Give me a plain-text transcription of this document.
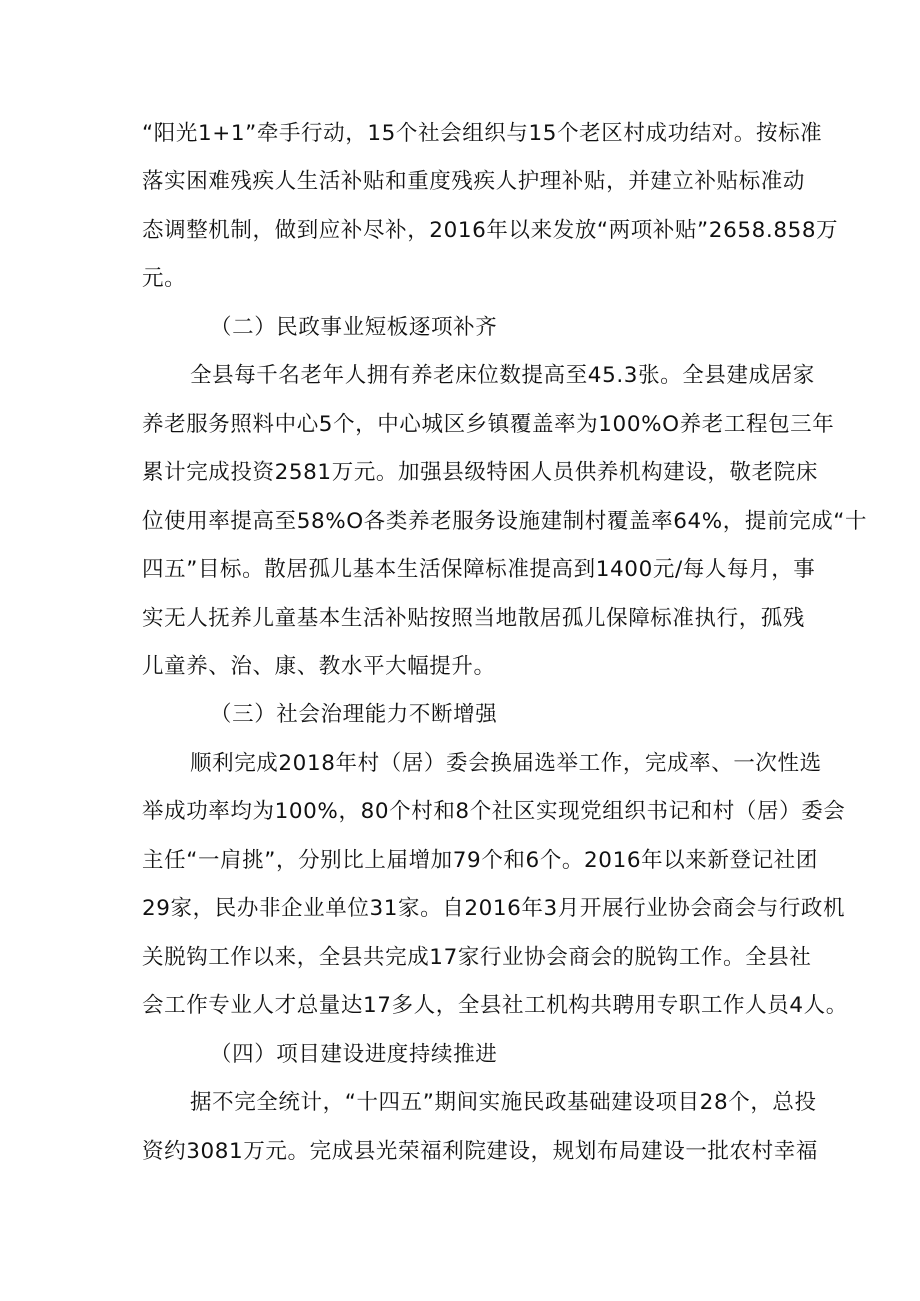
“阳光1+1”牵手行动，15个社会组织与15个老区村成功结对。按标准
落实困难残疾人生活补贴和重度残疾人护理补贴，并建立补贴标准动
态调整机制，做到应补尽补，2016年以来发放“两项补贴”2658.858万
元。
（二）民政事业短板逐项补齐
全县每千名老年人拥有养老床位数提高至45.3张。全县建成居家
养老服务照料中心5个，中心城区乡镇覆盖率为100%O养老工程包三年
累计完成投资2581万元。加强县级特困人员供养机构建设，敬老院床
位使用率提高至58%O各类养老服务设施建制村覆盖率64%，提前完成“十
四五”目标。散居孤儿基本生活保障标准提高到1400元/每人每月，事
实无人抚养儿童基本生活补贴按照当地散居孤儿保障标准执行，孤残
儿童养、治、康、教水平大幅提升。
（三）社会治理能力不断增强
顺利完成2018年村（居）委会换届选举工作，完成率、一次性选
举成功率均为100%，80个村和8个社区实现党组织书记和村（居）委会
主任“一肩挑”，分别比上届增加79个和6个。2016年以来新登记社团
29家，民办非企业单位31家。自2016年3月开展行业协会商会与行政机
关脱钩工作以来，全县共完成17家行业协会商会的脱钩工作。全县社
会工作专业人才总量达17多人，全县社工机构共聘用专职工作人员4人。
（四）项目建设进度持续推进
据不完全统计，“十四五”期间实施民政基础建设项目28个，总投
资约3081万元。完成县光荣福利院建设，规划布局建设一批农村幸福
